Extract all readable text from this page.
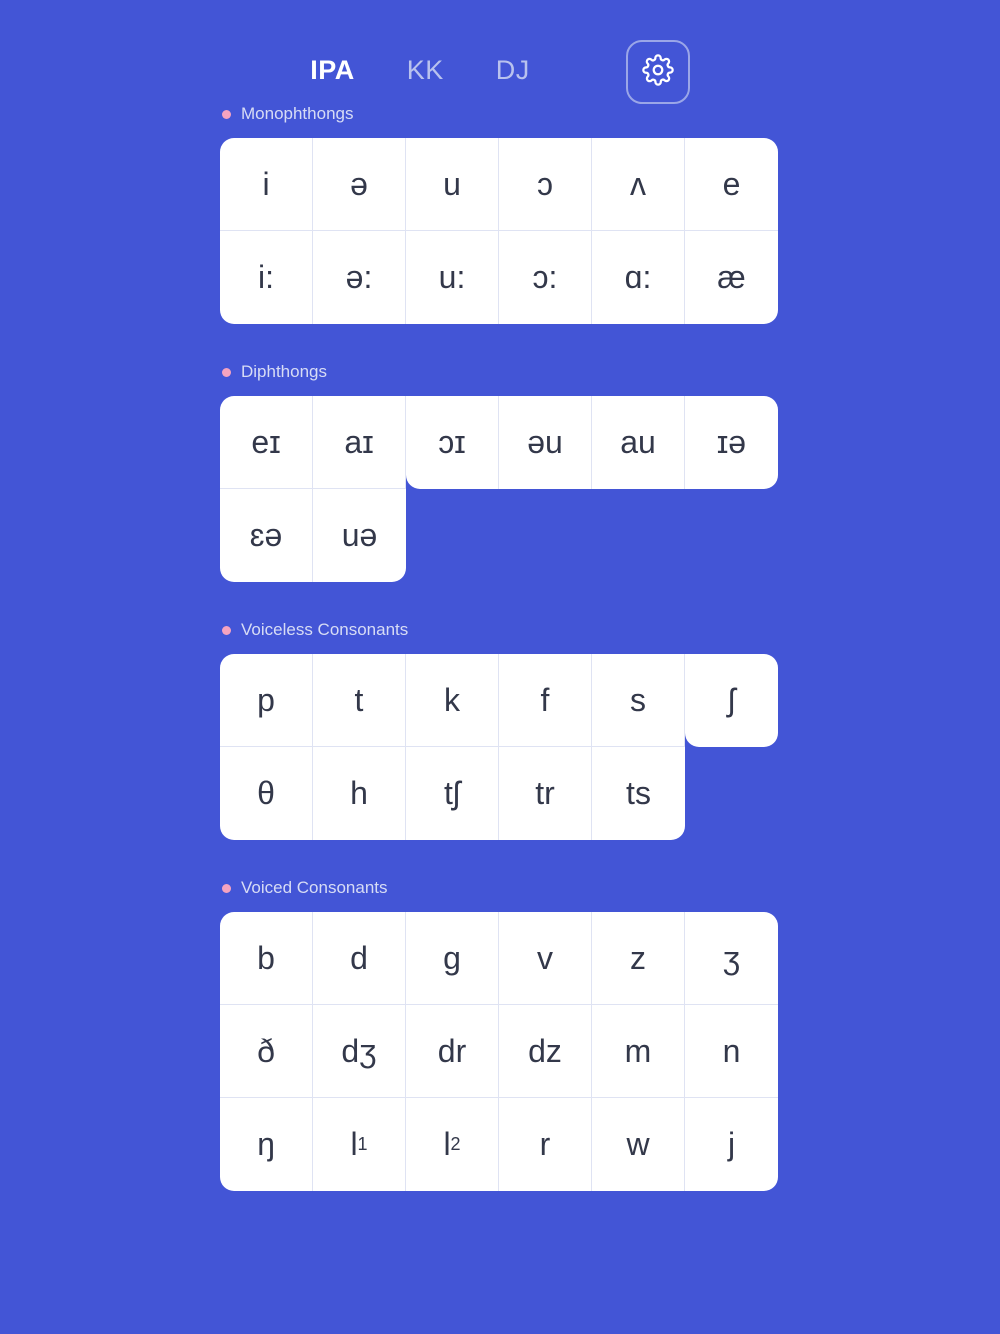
IPA KK DJ
Monophthongs
i	ə	u	ɔ	ʌ	e
i:	ə:	u:	ɔ:	ɑ:	æ
Diphthongs
eɪ	aɪ	ɔɪ	əu	au	ɪə
ɛə	uə
Voiceless Consonants
p	t	k	f	s	ʃ
θ	h	tʃ	tr	ts
Voiced Consonants
b	d	g	v	z	ʒ
ð	dʒ	dr	dz	m	n
ŋ	l 1	l 2	r	w	j
